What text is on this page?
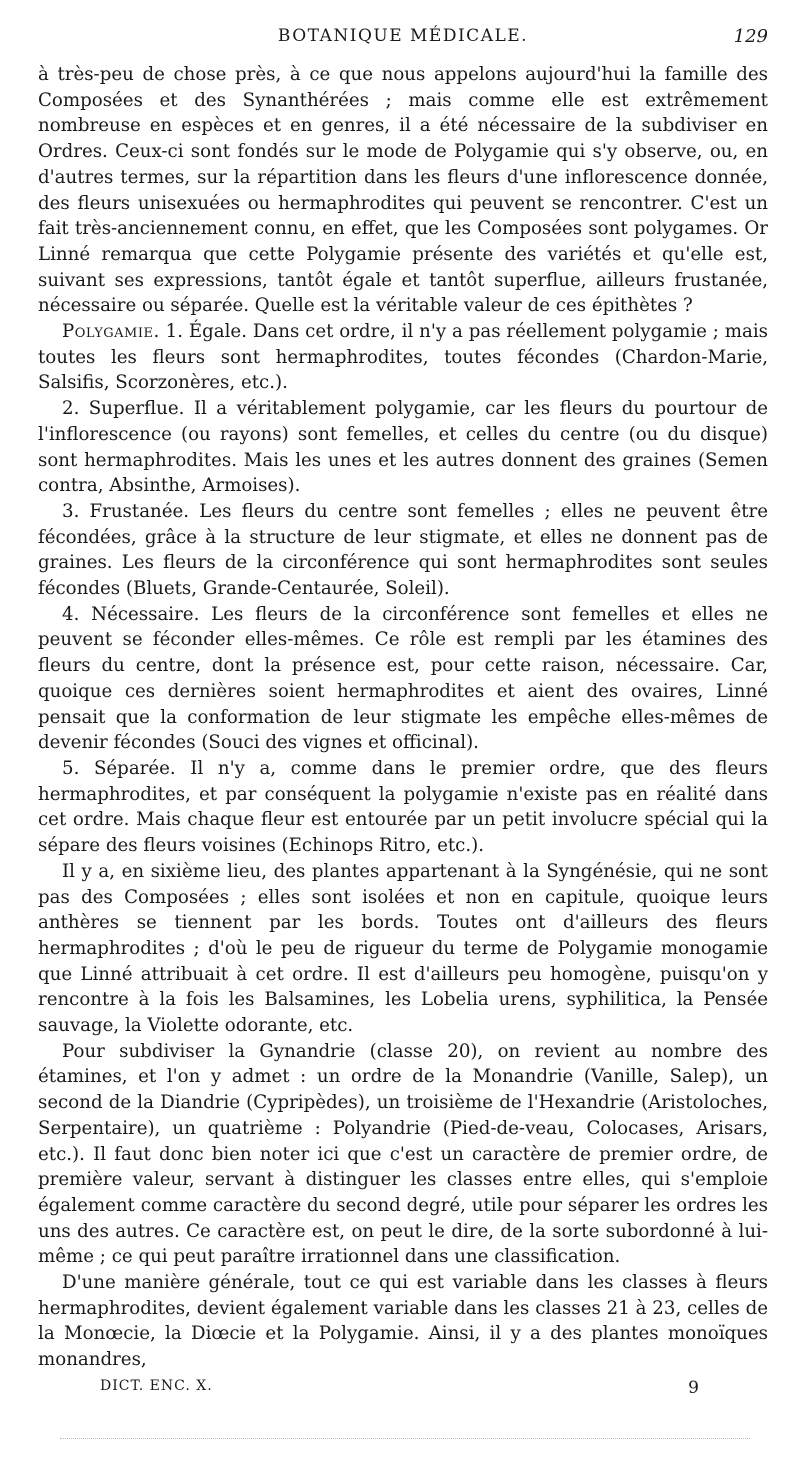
BOTANIQUE MÉDICALE.	129

à très-peu de chose près, à ce que nous appelons aujourd'hui la famille des Composées et des Synanthérées ; mais comme elle est extrêmement nombreuse en espèces et en genres, il a été nécessaire de la subdiviser en Ordres. Ceux-ci sont fondés sur le mode de Polygamie qui s'y observe, ou, en d'autres termes, sur la répartition dans les fleurs d'une inflorescence donnée, des fleurs unisexuées ou hermaphrodites qui peuvent se rencontrer. C'est un fait très-anciennement connu, en effet, que les Composées sont polygames. Or Linné remarqua que cette Polygamie présente des variétés et qu'elle est, suivant ses expressions, tantôt égale et tantôt superflue, ailleurs frustanée, nécessaire ou séparée. Quelle est la véritable valeur de ces épithètes ?

Polygamie. 1. Égale. Dans cet ordre, il n'y a pas réellement polygamie ; mais toutes les fleurs sont hermaphrodites, toutes fécondes (Chardon-Marie, Salsifis, Scorzonères, etc.).

2. Superflue. Il a véritablement polygamie, car les fleurs du pourtour de l'inflorescence (ou rayons) sont femelles, et celles du centre (ou du disque) sont hermaphrodites. Mais les unes et les autres donnent des graines (Semen contra, Absinthe, Armoises).

3. Frustanée. Les fleurs du centre sont femelles ; elles ne peuvent être fécondées, grâce à la structure de leur stigmate, et elles ne donnent pas de graines. Les fleurs de la circonférence qui sont hermaphrodites sont seules fécondes (Bluets, Grande-Centaurée, Soleil).

4. Nécessaire. Les fleurs de la circonférence sont femelles et elles ne peuvent se féconder elles-mêmes. Ce rôle est rempli par les étamines des fleurs du centre, dont la présence est, pour cette raison, nécessaire. Car, quoique ces dernières soient hermaphrodites et aient des ovaires, Linné pensait que la conformation de leur stigmate les empêche elles-mêmes de devenir fécondes (Souci des vignes et officinal).

5. Séparée. Il n'y a, comme dans le premier ordre, que des fleurs hermaphrodites, et par conséquent la polygamie n'existe pas en réalité dans cet ordre. Mais chaque fleur est entourée par un petit involucre spécial qui la sépare des fleurs voisines (Echinops Ritro, etc.).

Il y a, en sixième lieu, des plantes appartenant à la Syngénésie, qui ne sont pas des Composées ; elles sont isolées et non en capitule, quoique leurs anthères se tiennent par les bords. Toutes ont d'ailleurs des fleurs hermaphrodites ; d'où le peu de rigueur du terme de Polygamie monogamie que Linné attribuait à cet ordre. Il est d'ailleurs peu homogène, puisqu'on y rencontre à la fois les Balsamines, les Lobelia urens, syphilitica, la Pensée sauvage, la Violette odorante, etc.

Pour subdiviser la Gynandrie (classe 20), on revient au nombre des étamines, et l'on y admet : un ordre de la Monandrie (Vanille, Salep), un second de la Diandrie (Cypripèdes), un troisième de l'Hexandrie (Aristoloches, Serpentaire), un quatrième : Polyandrie (Pied-de-veau, Colocases, Arisars, etc.). Il faut donc bien noter ici que c'est un caractère de premier ordre, de première valeur, servant à distinguer les classes entre elles, qui s'emploie également comme caractère du second degré, utile pour séparer les ordres les uns des autres. Ce caractère est, on peut le dire, de la sorte subordonné à lui-même ; ce qui peut paraître irrationnel dans une classification.

D'une manière générale, tout ce qui est variable dans les classes à fleurs hermaphrodites, devient également variable dans les classes 21 à 23, celles de la Monœcie, la Diœcie et la Polygamie. Ainsi, il y a des plantes monoïques monandres,

DICT. ENC. X.	9
